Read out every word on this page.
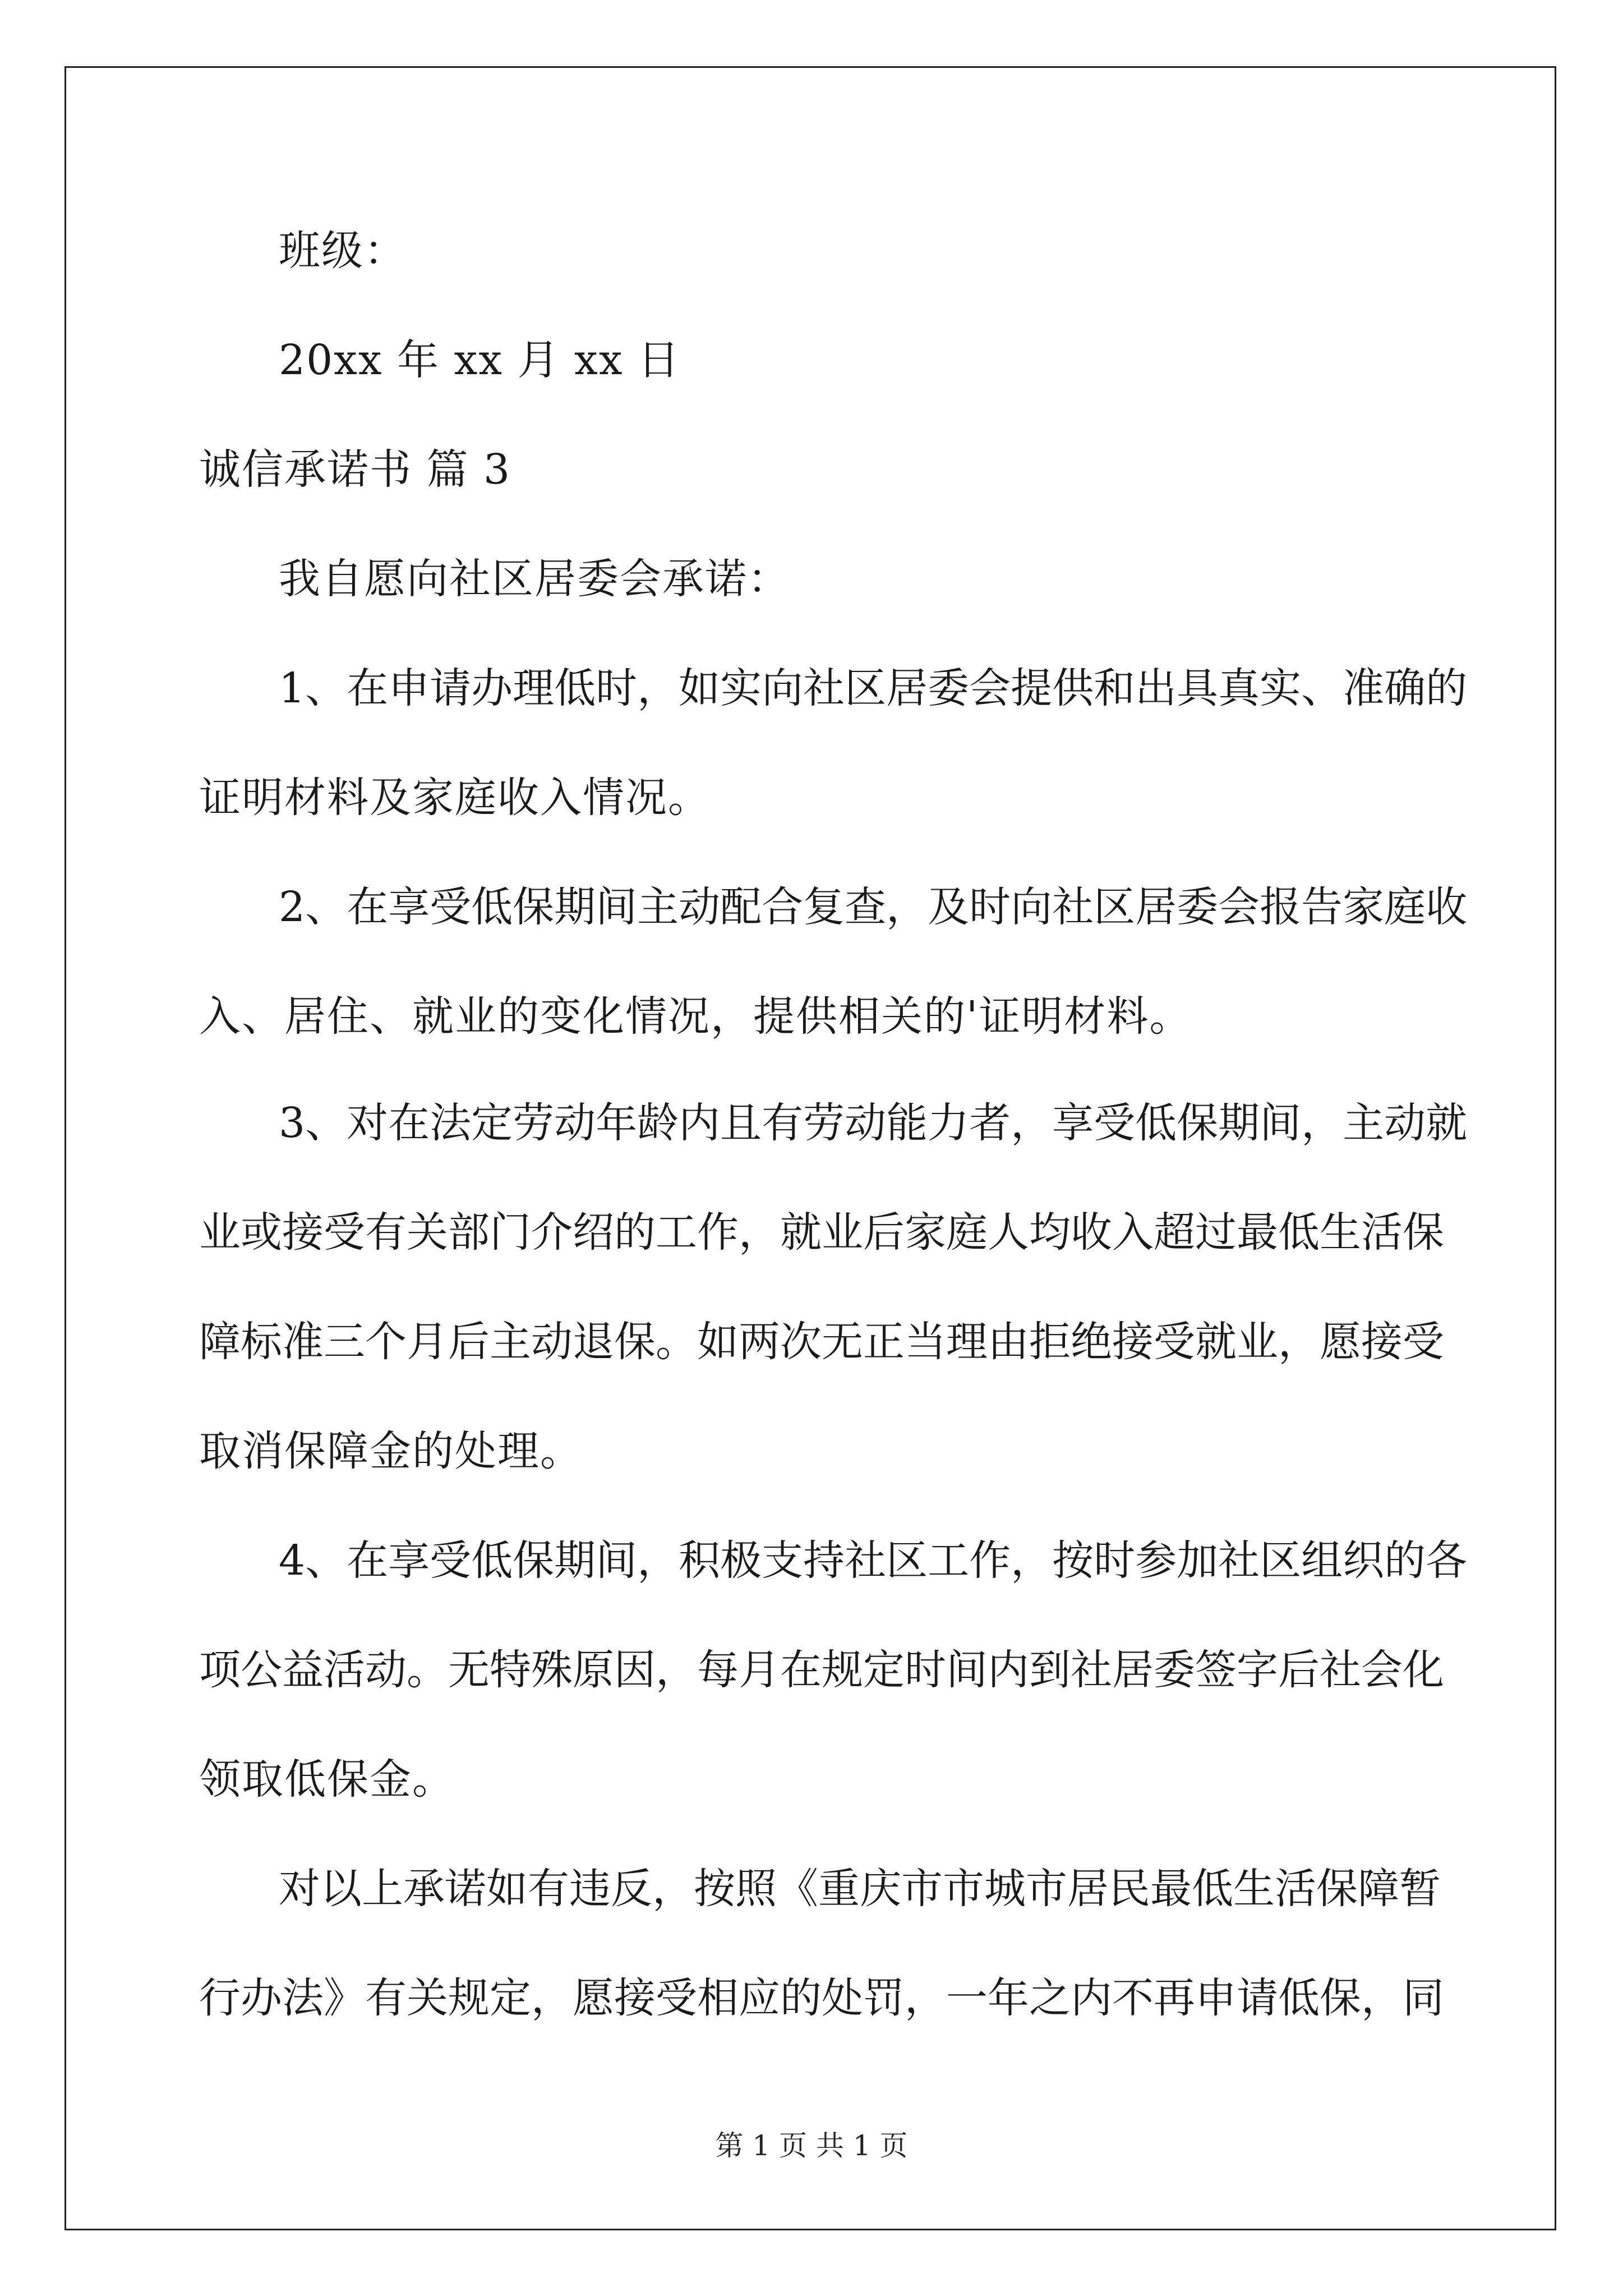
班级：
20xx 年 xx 月 xx 日
诚信承诺书 篇 3
我自愿向社区居委会承诺：
1、在申请办理低时，如实向社区居委会提供和出具真实、准确的
证明材料及家庭收入情况。
2、在享受低保期间主动配合复查，及时向社区居委会报告家庭收
入、居住、就业的变化情况，提供相关的'证明材料。
3、对在法定劳动年龄内且有劳动能力者，享受低保期间，主动就
业或接受有关部门介绍的工作，就业后家庭人均收入超过最低生活保
障标准三个月后主动退保。如两次无正当理由拒绝接受就业，愿接受
取消保障金的处理。
4、在享受低保期间，积极支持社区工作，按时参加社区组织的各
项公益活动。无特殊原因，每月在规定时间内到社居委签字后社会化
领取低保金。
对以上承诺如有违反，按照《重庆市市城市居民最低生活保障暂
行办法》有关规定，愿接受相应的处罚，一年之内不再申请低保，同
第 1 页 共 1 页
